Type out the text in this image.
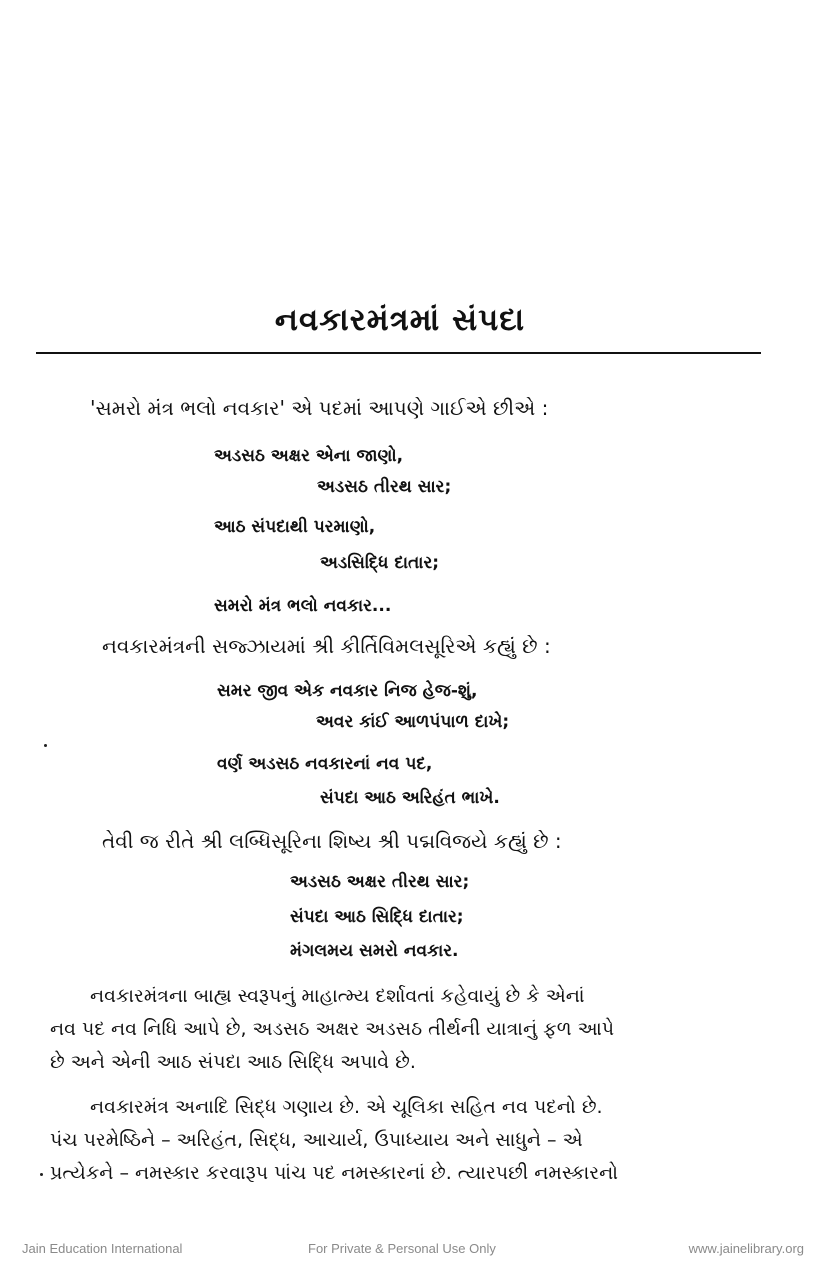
નવકારમંત્રમાં સંપદા
'સમરો મંત્ર ભલો નવકાર' એ પદમાં આપણે ગાઈએ છીએ :
અડસઠ અક્ષર એના જાણો,
અડસઠ તીરથ સાર;
આઠ સંપદાથી પરમાણો,
અડસિદ્ધિ દાતાર;
સમરો મંત્ર ભલો નવકાર...
નવકારમંત્રની સજ્ઝાયમાં શ્રી કીર્તિવિમલસૂરિએ કહ્યું છે :
સમર જીવ એક નવકાર નિજ હેજ-શું,
અવર કાંઈ આળપંપાળ દાખે;
વર્ણ અડસઠ નવકારનાં નવ પદ,
સંપદા આઠ અરિહંત ભાખે.
તેવી જ રીતે શ્રી લબ્ધિસૂરિના શિષ્ય શ્રી પદ્મવિજયે કહ્યું છે :
અડસઠ અક્ષર તીરથ સાર;
સંપદા આઠ સિદ્ધિ દાતાર;
મંગલમય સમરો નવકાર.
નવકારમંત્રના બાહ્ય સ્વરૂપનું માહાત્મ્ય દર્શાવતાં કહેવાયું છે કે એનાં
નવ પદ નવ નિધિ આપે છે, અડસઠ અક્ષર અડસઠ તીર્થની યાત્રાનું ફળ આપે
છે અને એની આઠ સંપદા આઠ સિદ્ધિ અપાવે છે.
નવકારમંત્ર અનાદિ સિદ્ધ ગણાય છે. એ ચૂલિકા સહિત નવ પદનો છે.
પંચ પરમેષ્ઠિને – અરિહંત, સિદ્ધ, આચાર્ય, ઉપાધ્યાય અને સાધુને – એ
પ્રત્યેકને – નમસ્કાર કરવારૂપ પાંચ પદ નમસ્કારનાં છે. ત્યારપછી નમસ્કારનો
Jain Education International	For Private & Personal Use Only	www.jainelibrary.org
